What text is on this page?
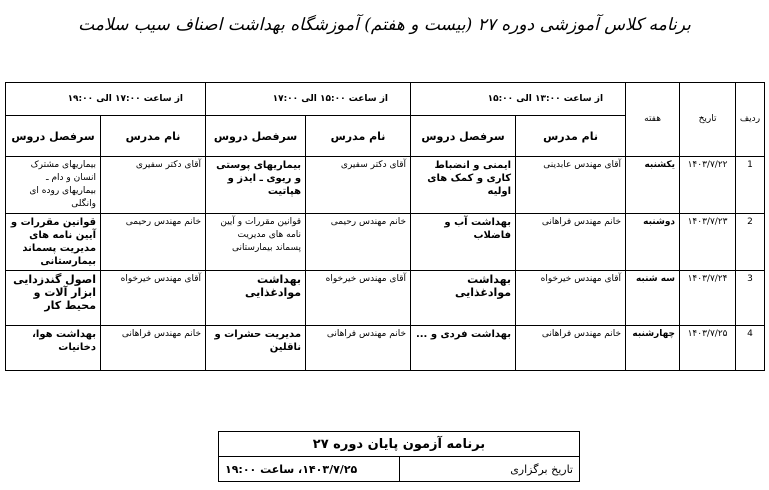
برنامه کلاس آموزشی دوره ۲۷ (بیست و هفتم) آموزشگاه بهداشت اصناف سیب سلامت
ردیف	تاریخ	هفته	از ساعت ۱۳:۰۰ الی ۱۵:۰۰		از ساعت ۱۵:۰۰ الی ۱۷:۰۰		از ساعت ۱۷:۰۰ الی ۱۹:۰۰	
			نام مدرس	سرفصل دروس	نام مدرس	سرفصل دروس	نام مدرس	سرفصل دروس
1	۱۴۰۳/۷/۲۲	یکشنبه	آقای مهندس عابدینی	ایمنی و انضباط کاری و کمک های اولیه	آقای دکتر سفیری	بیماریهای پوستی و ریوی ـ ایدز و هپاتیت	آقای دکتر سفیری	بیماریهای مشترک انسان و دام ـ بیماریهای روده ای وانگلی
2	۱۴۰۳/۷/۲۳	دوشنبه	خانم مهندس فراهانی	بهداشت آب و فاضلاب	خانم مهندس رحیمی	قوانین مقررات و آیین نامه های مدیریت پسماند بیمارستانی	خانم مهندس رحیمی	قوانین مقررات و آیین نامه های مدیریت پسماند بیمارستانی
3	۱۴۰۳/۷/۲۴	سه شنبه	آقای مهندس خیرخواه	بهداشت موادغذایی	آقای مهندس خیرخواه	بهداشت موادغذایی	آقای مهندس خیرخواه	اصول گندزدایی ابزار آلات و محیط کار
4	۱۴۰۳/۷/۲۵	چهارشنبه	خانم مهندس فراهانی	بهداشت فردی و ...	خانم مهندس فراهانی	مدیریت حشرات و ناقلین	خانم مهندس فراهانی	بهداشت هوا، دخانیات
برنامه آزمون پایان دوره ۲۷
تاریخ برگزاری	۱۴۰۳/۷/۲۵، ساعت ۱۹:۰۰
